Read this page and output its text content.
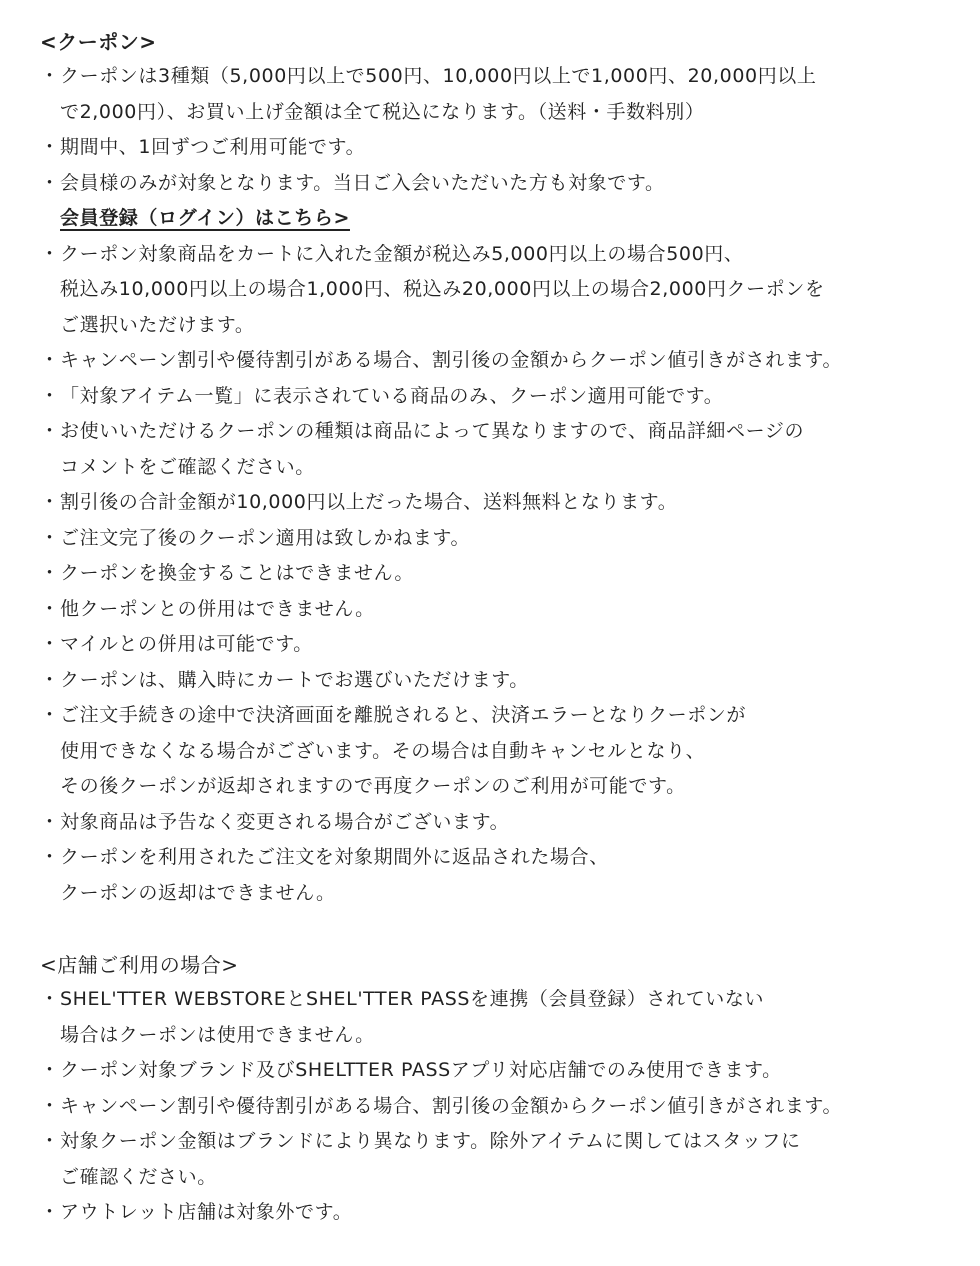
<クーポン>
・ クーポンは3種類（5,000円以上で500円、10,000円以上で1,000円、20,000円以上
で2,000円）、お買い上げ金額は全て税込になります。（送料・手数料別）
・ 期間中、1回ずつご利用可能です。
・ 会員様のみが対象となります。当日ご入会いただいた方も対象です。
会員登録（ログイン）はこちら>
・ クーポン対象商品をカートに入れた金額が税込み5,000円以上の場合500円、
税込み10,000円以上の場合1,000円、税込み20,000円以上の場合2,000円クーポンを
ご選択いただけます。
・ キャンペーン割引や優待割引がある場合、割引後の金額からクーポン値引きがされます。
・ 「対象アイテム一覧」に表示されている商品のみ、クーポン適用可能です。
・ お使いいただけるクーポンの種類は商品によって異なりますので、商品詳細ページの
コメントをご確認ください。
・ 割引後の合計金額が10,000円以上だった場合、送料無料となります。
・ ご注文完了後のクーポン適用は致しかねます。
・ クーポンを換金することはできません。
・ 他クーポンとの併用はできません。
・ マイルとの併用は可能です。
・ クーポンは、購入時にカートでお選びいただけます。
・ ご注文手続きの途中で決済画面を離脱されると、決済エラーとなりクーポンが
使用できなくなる場合がございます。その場合は自動キャンセルとなり、
その後クーポンが返却されますので再度クーポンのご利用が可能です。
・ 対象商品は予告なく変更される場合がございます。
・ クーポンを利用されたご注文を対象期間外に返品された場合、
クーポンの返却はできません。
<店舗ご利用の場合>
・ SHEL'TTER WEBSTOREとSHEL'TTER PASSを連携（会員登録）されていない
場合はクーポンは使用できません。
・ クーポン対象ブランド及びSHELTTER PASSアプリ対応店舗でのみ使用できます。
・ キャンペーン割引や優待割引がある場合、割引後の金額からクーポン値引きがされます。
・ 対象クーポン金額はブランドにより異なります。除外アイテムに関してはスタッフに
ご確認ください。
・ アウトレット店舗は対象外です。
